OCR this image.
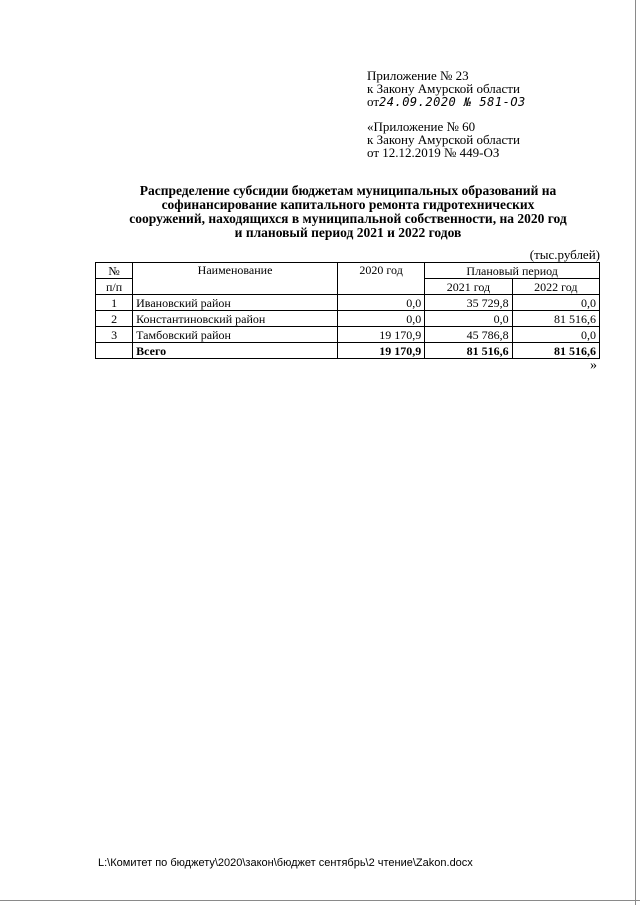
Приложение № 23
к Закону Амурской области
от24.09.2020 № 581-ОЗ
«Приложение № 60
к Закону Амурской области
от 12.12.2019 № 449-ОЗ
Распределение субсидии бюджетам муниципальных образований на
софинансирование капитального ремонта гидротехнических
сооружений, находящихся в муниципальной собственности, на 2020 год
и плановый период 2021 и 2022 годов
(тыс.рублей)
№	Наименование	2020 год	Плановый период	
п/п			2021 год	2022 год
1	Ивановский район	0,0	35 729,8	0,0
2	Константиновский район	0,0	0,0	81 516,6
3	Тамбовский район	19 170,9	45 786,8	0,0
	Всего	19 170,9	81 516,6	81 516,6
»
L:\Комитет по бюджету\2020\закон\бюджет сентябрь\2 чтение\Zakon.docx
